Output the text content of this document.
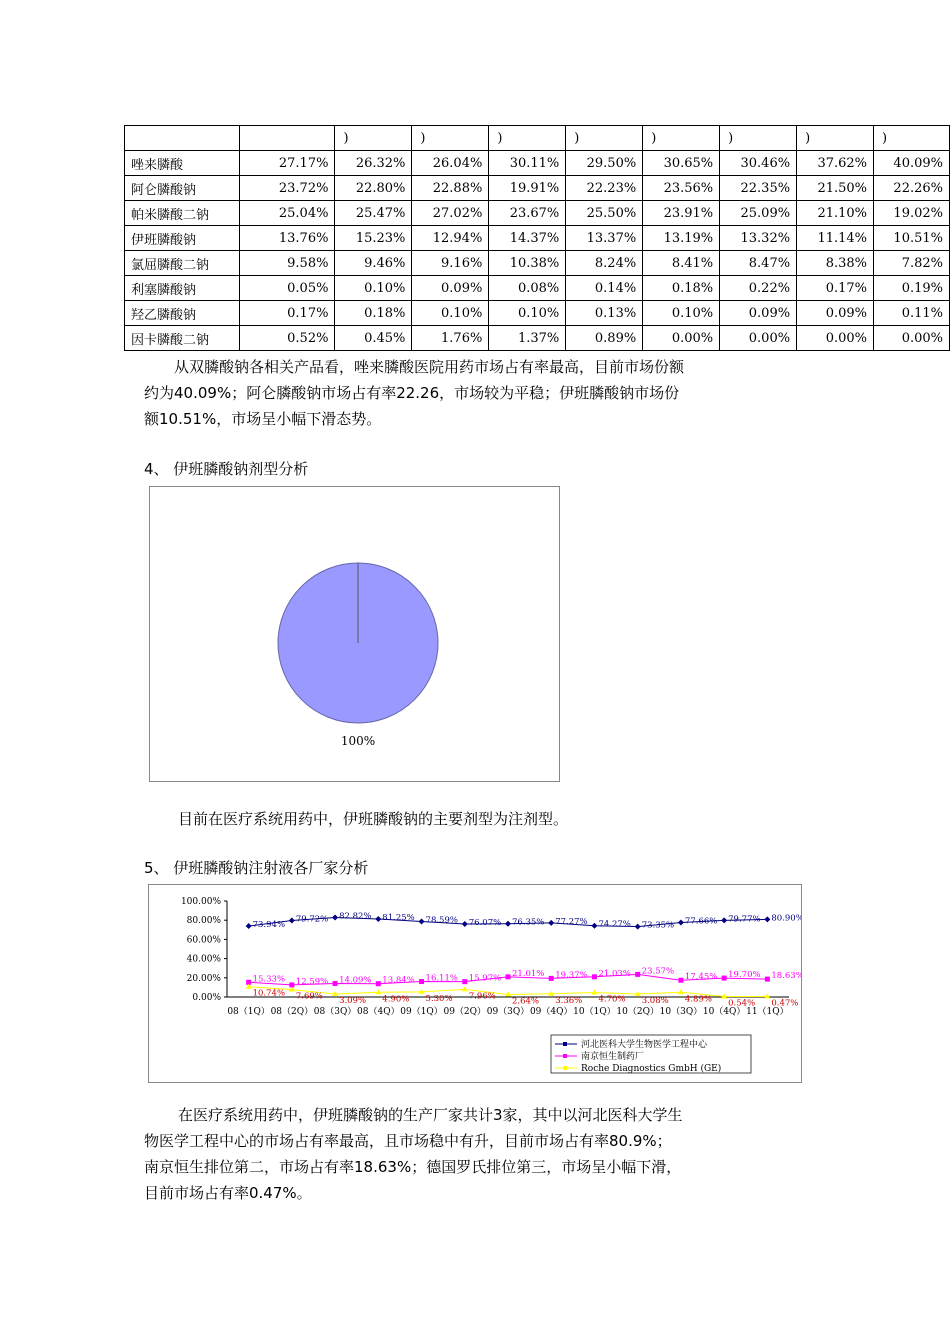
		)	)	)	)	)	)	)	)
唑来膦酸	27.17%	26.32%	26.04%	30.11%	29.50%	30.65%	30.46%	37.62%	40.09%
阿仑膦酸钠	23.72%	22.80%	22.88%	19.91%	22.23%	23.56%	22.35%	21.50%	22.26%
帕米膦酸二钠	25.04%	25.47%	27.02%	23.67%	25.50%	23.91%	25.09%	21.10%	19.02%
伊班膦酸钠	13.76%	15.23%	12.94%	14.37%	13.37%	13.19%	13.32%	11.14%	10.51%
氯屈膦酸二钠	9.58%	9.46%	9.16%	10.38%	8.24%	8.41%	8.47%	8.38%	7.82%
利塞膦酸钠	0.05%	0.10%	0.09%	0.08%	0.14%	0.18%	0.22%	0.17%	0.19%
羟乙膦酸钠	0.17%	0.18%	0.10%	0.10%	0.13%	0.10%	0.09%	0.09%	0.11%
因卡膦酸二钠	0.52%	0.45%	1.76%	1.37%	0.89%	0.00%	0.00%	0.00%	0.00%
从双膦酸钠各相关产品看，唑来膦酸医院用药市场占有率最高，目前市场份额
约为40.09%；阿仑膦酸钠市场占有率22.26，市场较为平稳；伊班膦酸钠市场份
额10.51%，市场呈小幅下滑态势。
4、 伊班膦酸钠剂型分析
100%
目前在医疗系统用药中，伊班膦酸钠的主要剂型为注剂型。
5、 伊班膦酸钠注射液各厂家分析
0.00%
20.00%
40.00%
60.00%
80.00%
100.00%
08（1Q） 08（2Q） 08（3Q） 08（4Q） 09（1Q） 09（2Q） 09（3Q） 09（4Q） 10（1Q） 10（2Q） 10（3Q） 10（4Q） 11（1Q）
73.94%
79.72% 82.82% 81.25% 78.59% 76.07% 76.35% 77.27% 74.27% 73.35% 77.66% 79.77% 80.90%
15.33% 12.59% 14.09% 13.84% 16.11% 15.97% 21.01% 19.37% 21.03% 23.57%
17.45% 19.70% 18.63%
10.74% 7.69% 3.09% 4.90% 5.30% 7.96%
2.64% 3.36% 4.70% 3.08% 4.89% 0.54% 0.47%
河北医科大学生物医学工程中心
南京恒生制药厂
Roche Diagnostics GmbH (GE)
在医疗系统用药中，伊班膦酸钠的生产厂家共计3家，其中以河北医科大学生
物医学工程中心的市场占有率最高，且市场稳中有升，目前市场占有率80.9%；
南京恒生排位第二，市场占有率18.63%；德国罗氏排位第三，市场呈小幅下滑，
目前市场占有率0.47%。
